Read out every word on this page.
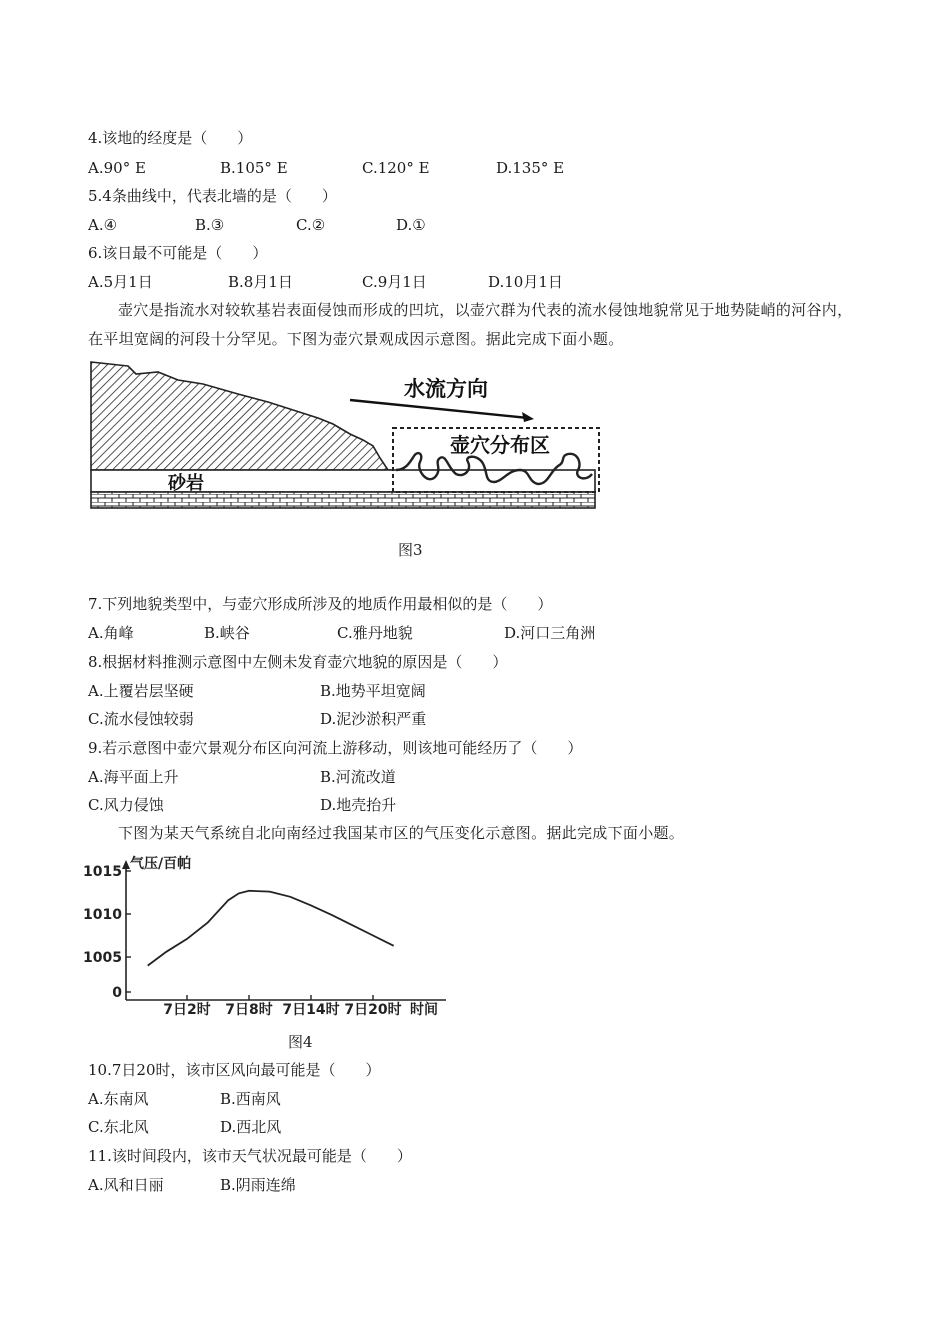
4.该地的经度是（　　）
A.90° E	B.105° E	C.120° E	D.135° E
5.4条曲线中，代表北墙的是（　　）
A.④	B.③	C.②	D.①
6.该日最不可能是（　　）
A.5月1日	B.8月1日	C.9月1日	D.10月1日
壶穴是指流水对较软基岩表面侵蚀而形成的凹坑，以壶穴群为代表的流水侵蚀地貌常见于地势陡峭的河谷内，在平坦宽阔的河段十分罕见。下图为壶穴景观成因示意图。据此完成下面小题。
水流方向
壶穴分布区
砂岩
图3
7.下列地貌类型中，与壶穴形成所涉及的地质作用最相似的是（　　）
A.角峰	B.峡谷	C.雅丹地貌	D.河口三角洲
8.根据材料推测示意图中左侧未发育壶穴地貌的原因是（　　）
A.上覆岩层坚硬	B.地势平坦宽阔
C.流水侵蚀较弱	D.泥沙淤积严重
9.若示意图中壶穴景观分布区向河流上游移动，则该地可能经历了（　　）
A.海平面上升	B.河流改道
C.风力侵蚀	D.地壳抬升
下图为某天气系统自北向南经过我国某市区的气压变化示意图。据此完成下面小题。
气压/百帕
时间
1015
1010
1005
0
7日2时 7日8时 7日14时 7日20时
图4
10.7日20时，该市区风向最可能是（　　）
A.东南风	B.西南风
C.东北风	D.西北风
11.该时间段内，该市天气状况最可能是（　　）
A.风和日丽	B.阴雨连绵
